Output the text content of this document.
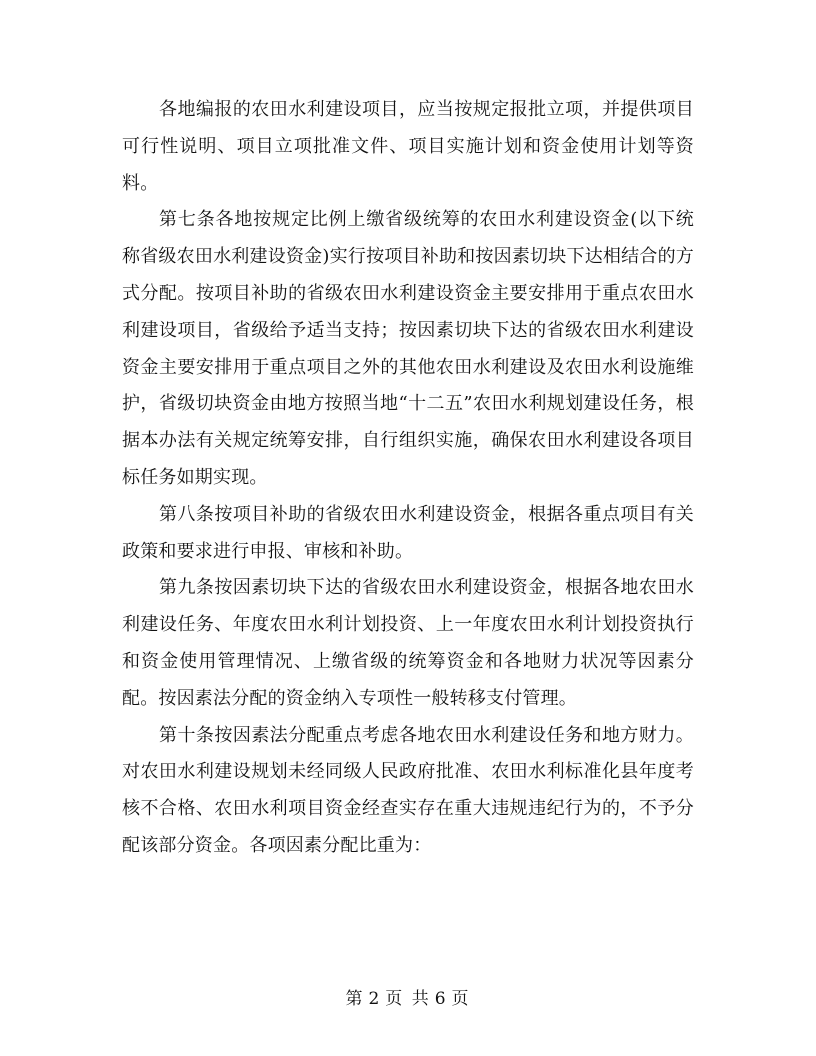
各地编报的农田水利建设项目，应当按规定报批立项，并提供项目可行性说明、项目立项批准文件、项目实施计划和资金使用计划等资料。

第七条各地按规定比例上缴省级统筹的农田水利建设资金(以下统称省级农田水利建设资金)实行按项目补助和按因素切块下达相结合的方式分配。按项目补助的省级农田水利建设资金主要安排用于重点农田水利建设项目，省级给予适当支持；按因素切块下达的省级农田水利建设资金主要安排用于重点项目之外的其他农田水利建设及农田水利设施维护，省级切块资金由地方按照当地“十二五”农田水利规划建设任务，根据本办法有关规定统筹安排，自行组织实施，确保农田水利建设各项目标任务如期实现。

第八条按项目补助的省级农田水利建设资金，根据各重点项目有关政策和要求进行申报、审核和补助。

第九条按因素切块下达的省级农田水利建设资金，根据各地农田水利建设任务、年度农田水利计划投资、上一年度农田水利计划投资执行和资金使用管理情况、上缴省级的统筹资金和各地财力状况等因素分配。按因素法分配的资金纳入专项性一般转移支付管理。

第十条按因素法分配重点考虑各地农田水利建设任务和地方财力。对农田水利建设规划未经同级人民政府批准、农田水利标准化县年度考核不合格、农田水利项目资金经查实存在重大违规违纪行为的，不予分配该部分资金。各项因素分配比重为：

第 2 页 共 6 页
